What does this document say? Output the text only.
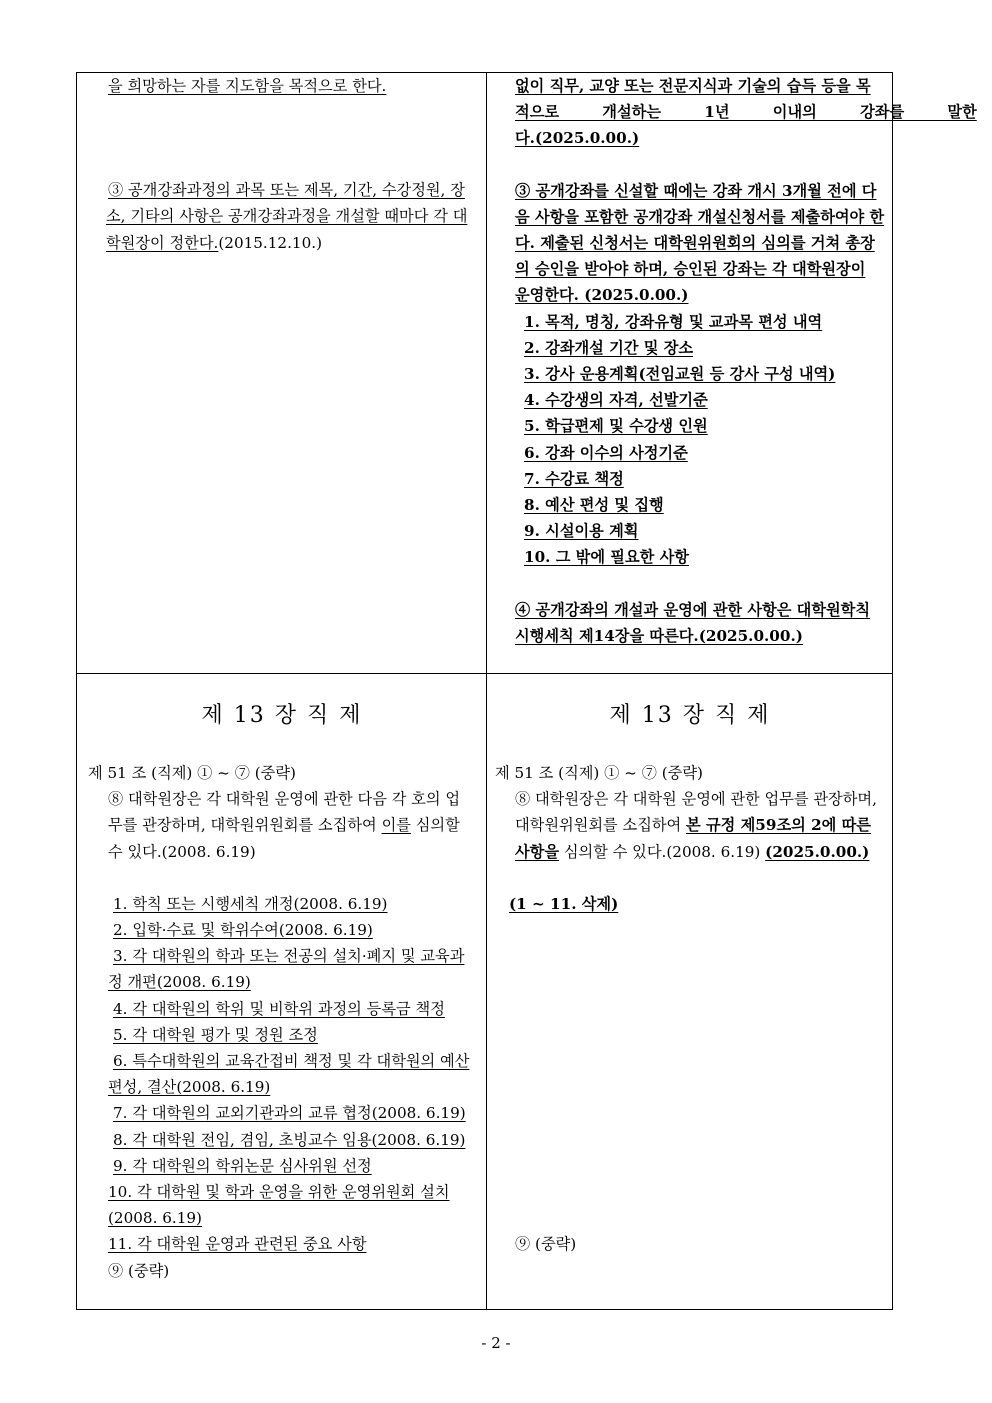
을 희망하는 자를 지도함을 목적으로 한다.

③ 공개강좌과정의 과목 또는 제목, 기간, 수강정원, 장

소, 기타의 사항은 공개강좌과정을 개설할 때마다 각 대

학원장이 정한다.(2015.12.10.)

없이 직무, 교양 또는 전문지식과 기술의 습득 등을 목

적으로 개설하는 1년 이내의 강좌를 말한

다.(2025.0.00.)

③ 공개강좌를 신설할 때에는 강좌 개시 3개월 전에 다

음 사항을 포함한 공개강좌 개설신청서를 제출하여야 한

다. 제출된 신청서는 대학원위원회의 심의를 거쳐 총장

의 승인을 받아야 하며, 승인된 강좌는 각 대학원장이

운영한다. (2025.0.00.)

1. 목적, 명칭, 강좌유형 및 교과목 편성 내역

2. 강좌개설 기간 및 장소

3. 강사 운용계획(전임교원 등 강사 구성 내역)

4. 수강생의 자격, 선발기준

5. 학급편제 및 수강생 인원

6. 강좌 이수의 사정기준

7. 수강료 책정

8. 예산 편성 및 집행

9. 시설이용 계획

10. 그 밖에 필요한 사항

④ 공개강좌의 개설과 운영에 관한 사항은 대학원학칙

시행세칙 제14장을 따른다.(2025.0.00.)

제 13 장 직 제

제 51 조 (직제) ① ~ ⑦ (중략)

⑧ 대학원장은 각 대학원 운영에 관한 다음 각 호의 업

무를 관장하며, 대학원위원회를 소집하여 이를 심의할

수 있다.(2008. 6.19)

1. 학칙 또는 시행세칙 개정(2008. 6.19)

2. 입학·수료 및 학위수여(2008. 6.19)

3. 각 대학원의 학과 또는 전공의 설치·폐지 및 교육과

정 개편(2008. 6.19)

4. 각 대학원의 학위 및 비학위 과정의 등록금 책정

5. 각 대학원 평가 및 정원 조정

6. 특수대학원의 교육간접비 책정 및 각 대학원의 예산

편성, 결산(2008. 6.19)

7. 각 대학원의 교외기관과의 교류 협정(2008. 6.19)

8. 각 대학원 전임, 겸임, 초빙교수 임용(2008. 6.19)

9. 각 대학원의 학위논문 심사위원 선정

10. 각 대학원 및 학과 운영을 위한 운영위원회 설치

(2008. 6.19)

11. 각 대학원 운영과 관련된 중요 사항

⑨ (중략)

제 13 장 직 제

제 51 조 (직제) ① ~ ⑦ (중략)

⑧ 대학원장은 각 대학원 운영에 관한 업무를 관장하며,

대학원위원회를 소집하여 본 규정 제59조의 2에 따른

사항을 심의할 수 있다.(2008. 6.19) (2025.0.00.)

(1 ~ 11. 삭제)

⑨ (중략)

- 2 -
